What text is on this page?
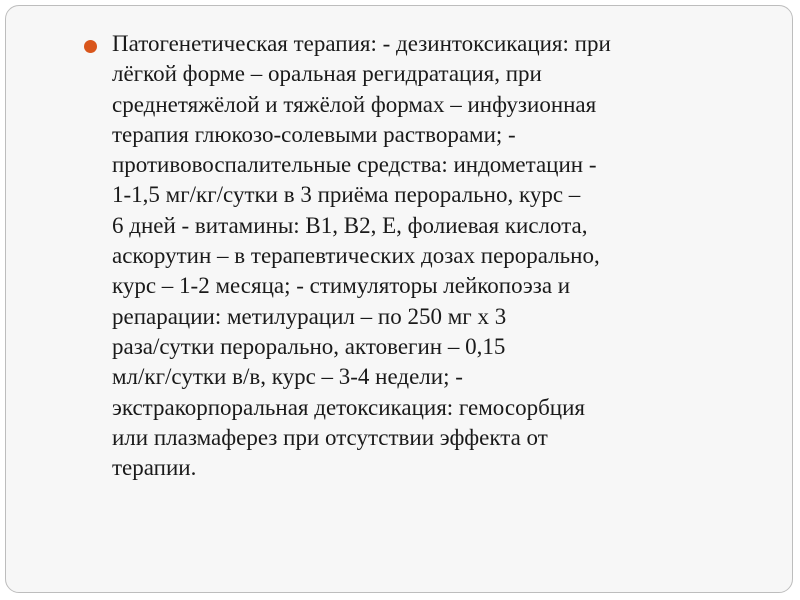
Патогенетическая терапия: - дезинтоксикация: при
лёгкой форме – оральная регидратация, при
среднетяжёлой и тяжёлой формах – инфузионная
терапия глюкозо-солевыми растворами; -
противовоспалительные средства: индометацин -
1-1,5 мг/кг/сутки в 3 приёма перорально, курс –
6 дней - витамины: В1, В2, Е, фолиевая кислота,
аскорутин – в терапевтических дозах перорально,
курс – 1-2 месяца; - стимуляторы лейкопоэза и
репарации: метилурацил – по 250 мг х 3
раза/сутки перорально, актовегин – 0,15
мл/кг/сутки в/в, курс – 3-4 недели; -
экстракорпоральная детоксикация: гемосорбция
или плазмаферез при отсутствии эффекта от
терапии.
